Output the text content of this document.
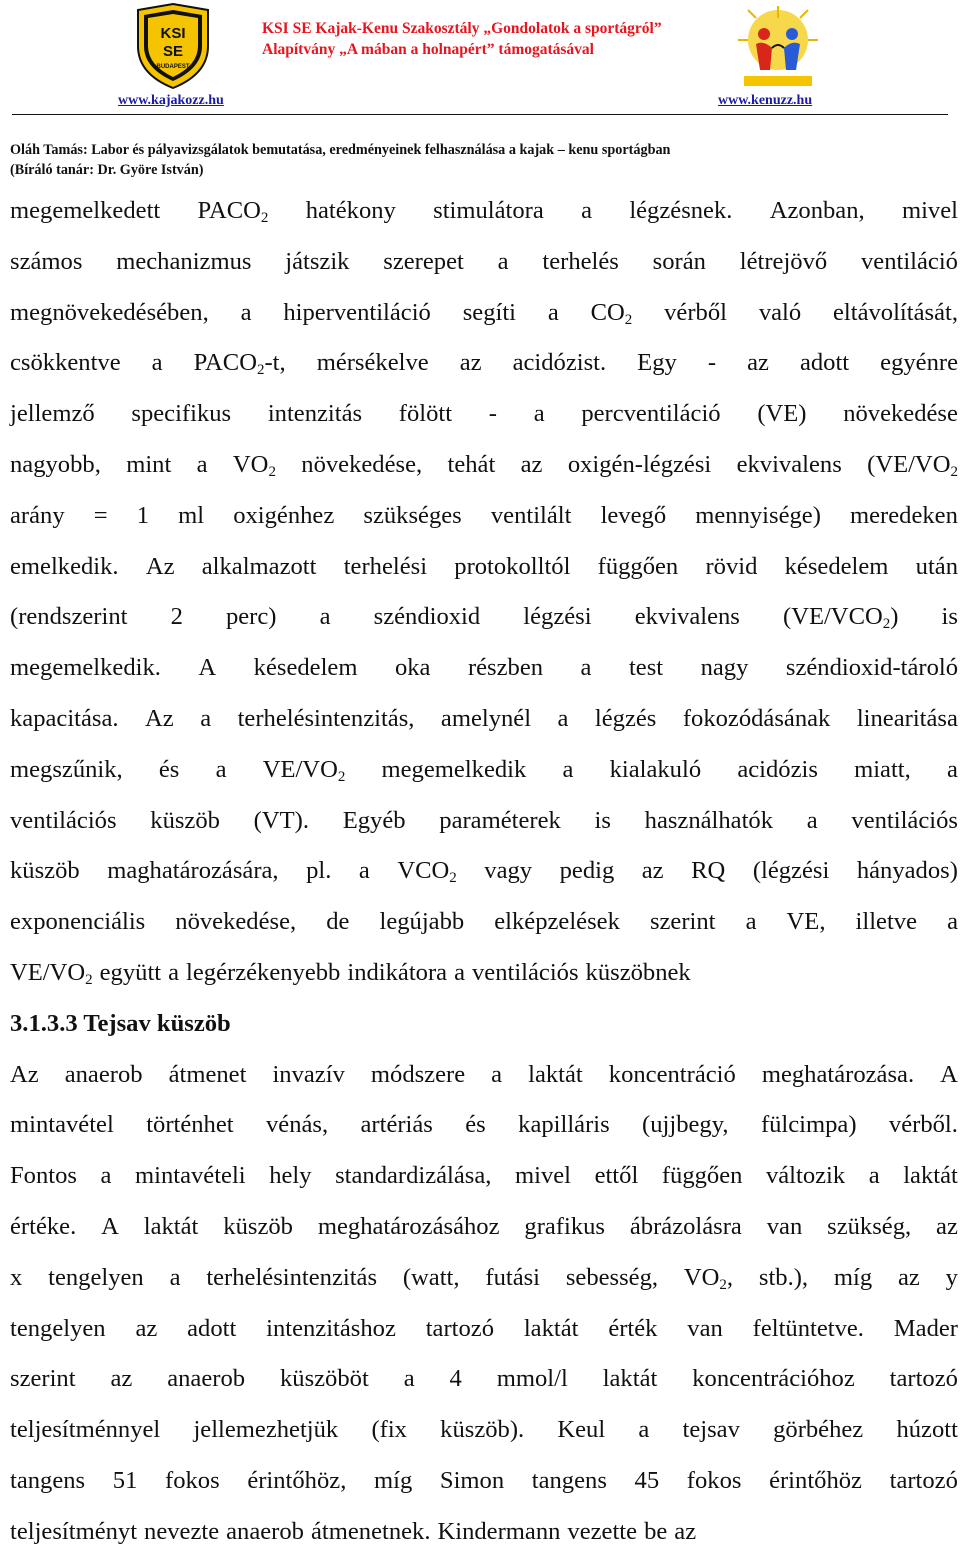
KSI
SE
BUDAPEST
KSI SE Kajak-Kenu Szakosztály „Gondolatok a sportágról”
Alapítvány „A mában a holnapért” támogatásával
www.kajakozz.hu	www.kenuzz.hu
Oláh Tamás: Labor és pályavizsgálatok bemutatása, eredményeinek felhasználása a kajak – kenu sportágban
(Bíráló tanár: Dr. Györe István)
megemelkedett $PACO_2$ hatékony stimulátora a légzésnek. Azonban, mivel
számos mechanizmus játszik szerepet a terhelés során létrejövő ventiláció
megnövekedésében, a hiperventiláció segíti a $CO_2$ vérből való eltávolítását,
csökkentve a $PACO_2-t$, mérsékelve az acidózist. Egy - az adott egyénre
jellemző specifikus intenzitás fölött - a percventiláció (VE) növekedése
nagyobb, mint a $VO_2$ növekedése, tehát az oxigén-légzési ekvivalens ($VE/VO_2$
arány = 1 ml oxigénhez szükséges ventilált levegő mennyisége) meredeken
emelkedik. Az alkalmazott terhelési protokolltól függően rövid késedelem után
(rendszerint 2 perc) a széndioxid légzési ekvivalens $(VE/VCO_2)$ is
megemelkedik. A késedelem oka részben a test nagy széndioxid-tároló
kapacitása. Az a terhelésintenzitás, amelynél a légzés fokozódásának linearitása
megszűnik, és a $VE/VO_2$ megemelkedik a kialakuló acidózis miatt, a
ventilációs küszöb (VT). Egyéb paraméterek is használhatók a ventilációs
küszöb maghatározására, pl. a $VCO_2$ vagy pedig az RQ (légzési hányados)
exponenciális növekedése, de legújabb elképzelések szerint a VE, illetve a
$VE/VO_2$ együtt a legérzékenyebb indikátora a ventilációs küszöbnek
3.1.3.3 Tejsav küszöb
Az anaerob átmenet invazív módszere a laktát koncentráció meghatározása. A
mintavétel történhet vénás, artériás és kapilláris (ujjbegy, fülcimpa) vérből.
Fontos a mintavételi hely standardizálása, mivel ettől függően változik a laktát
értéke. A laktát küszöb meghatározásához grafikus ábrázolásra van szükség, az
x tengelyen a terhelésintenzitás (watt, futási sebesség, $VO_2$, stb.), míg az y
tengelyen az adott intenzitáshoz tartozó laktát érték van feltüntetve. Mader
szerint az anaerob küszöböt a 4 mmol/l laktát koncentrációhoz tartozó
teljesítménnyel jellemezhetjük (fix küszöb). Keul a tejsav görbéhez húzott
tangens 51 fokos érintőhöz, míg Simon tangens 45 fokos érintőhöz tartozó
teljesítményt nevezte anaerob átmenetnek. Kindermann vezette be az
